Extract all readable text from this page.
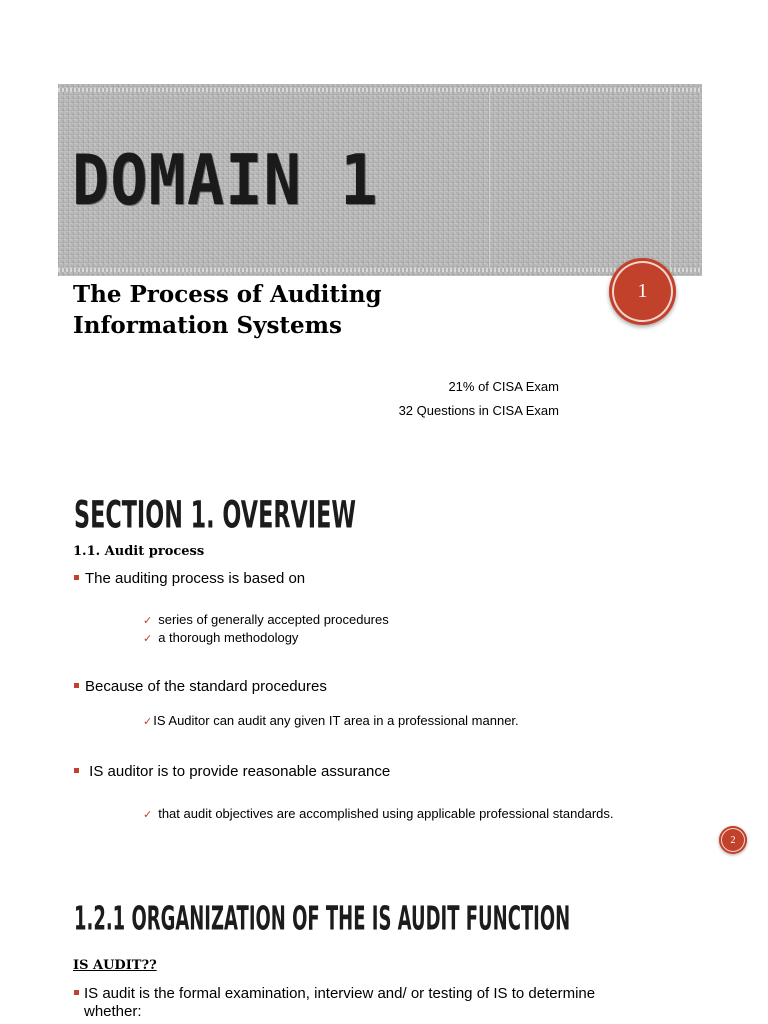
DOMAIN 1
The Process of Auditing
Information Systems
1
21% of CISA Exam
32 Questions in CISA Exam
SECTION 1. OVERVIEW
1.1. Audit process
The auditing process is based on
✓ series of generally accepted procedures
✓ a thorough methodology
Because of the standard procedures
✓IS Auditor can audit any given IT area in a professional manner.
IS auditor is to provide reasonable assurance
✓ that audit objectives are accomplished using applicable professional standards.
2
1.2.1 ORGANIZATION OF THE IS AUDIT FUNCTION
IS AUDIT??
IS audit is the formal examination, interview and/ or testing of IS to determine
whether:
